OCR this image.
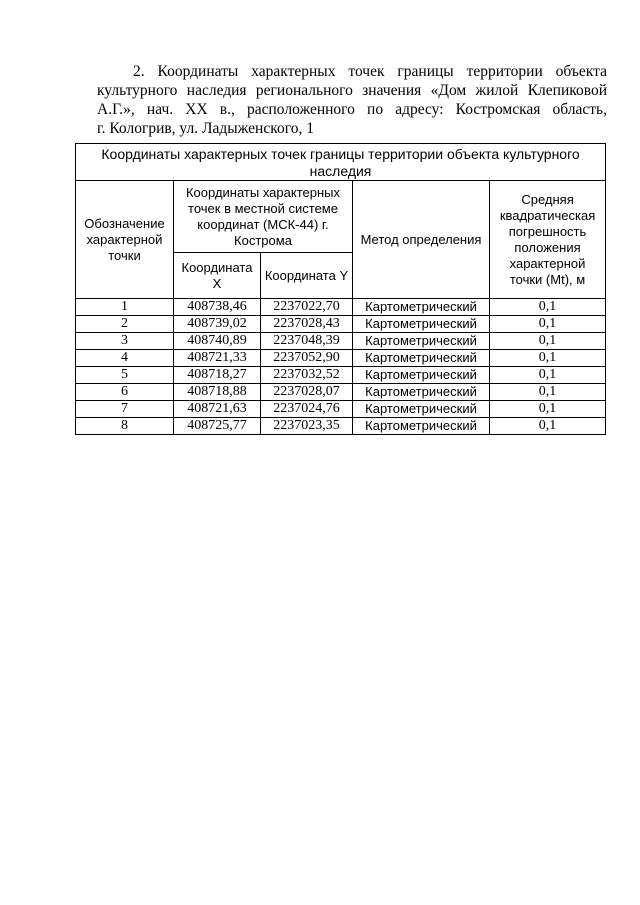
2. Координаты характерных точек границы территории объекта
культурного наследия регионального значения «Дом жилой Клепиковой
А.Г.», нач. XX в., расположенного по адресу: Костромская область,
г. Кологрив, ул. Ладыженского, 1
Координаты характерных точек границы территории объекта культурного наследия				
Обозначение характерной точки	Координаты характерных точек в местной системе координат (МСК-44) г. Кострома		Метод определения	Средняя квадратическая погрешность положения характерной точки (Mt), м
	Координата X	Координата Y		
1	408738,46	2237022,70	Картометрический	0,1
2	408739,02	2237028,43	Картометрический	0,1
3	408740,89	2237048,39	Картометрический	0,1
4	408721,33	2237052,90	Картометрический	0,1
5	408718,27	2237032,52	Картометрический	0,1
6	408718,88	2237028,07	Картометрический	0,1
7	408721,63	2237024,76	Картометрический	0,1
8	408725,77	2237023,35	Картометрический	0,1
